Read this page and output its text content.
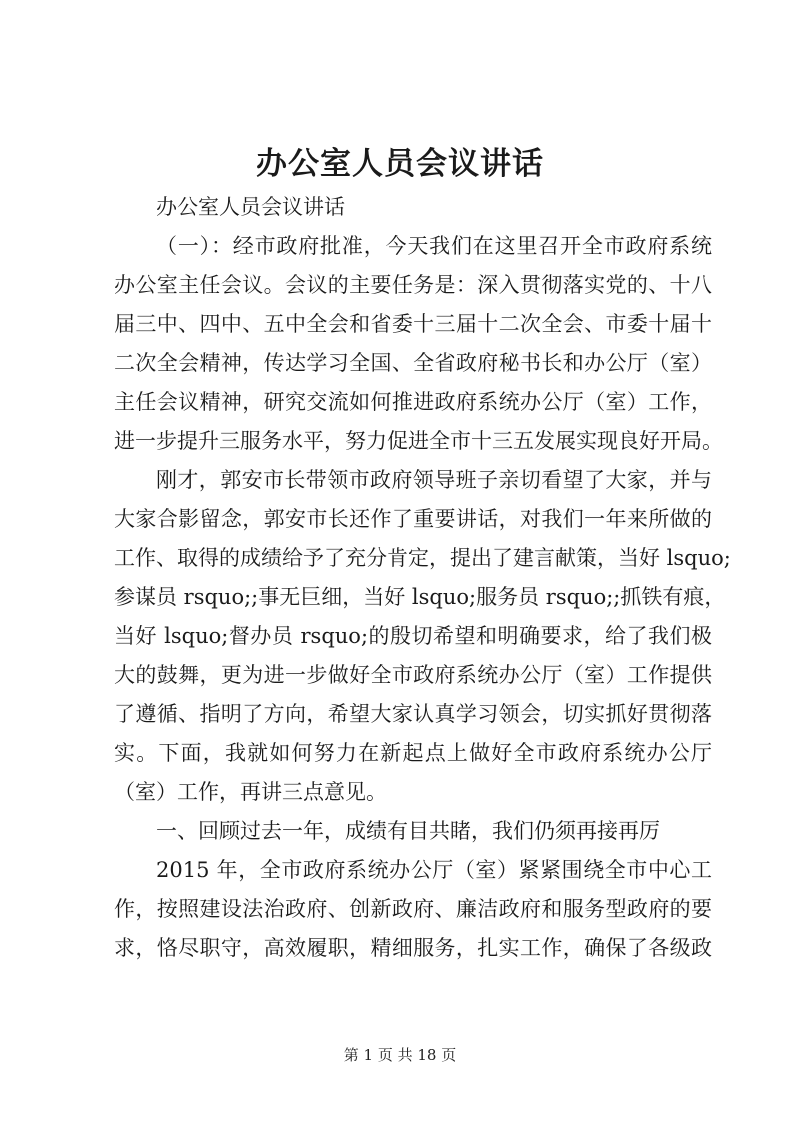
办公室人员会议讲话
办公室人员会议讲话
（一）：经市政府批准，今天我们在这里召开全市政府系统
办公室主任会议。会议的主要任务是：深入贯彻落实党的、十八
届三中、四中、五中全会和省委十三届十二次全会、市委十届十
二次全会精神，传达学习全国、全省政府秘书长和办公厅（室）
主任会议精神，研究交流如何推进政府系统办公厅（室）工作，
进一步提升三服务水平，努力促进全市十三五发展实现良好开局。
刚才，郭安市长带领市政府领导班子亲切看望了大家，并与
大家合影留念，郭安市长还作了重要讲话，对我们一年来所做的
工作、取得的成绩给予了充分肯定，提出了建言献策，当好 lsquo;
参谋员 rsquo;;事无巨细，当好 lsquo;服务员 rsquo;;抓铁有痕，
当好 lsquo;督办员 rsquo;的殷切希望和明确要求，给了我们极
大的鼓舞，更为进一步做好全市政府系统办公厅（室）工作提供
了遵循、指明了方向，希望大家认真学习领会，切实抓好贯彻落
实。下面，我就如何努力在新起点上做好全市政府系统办公厅
（室）工作，再讲三点意见。
一、回顾过去一年，成绩有目共睹，我们仍须再接再厉
2015 年，全市政府系统办公厅（室）紧紧围绕全市中心工
作，按照建设法治政府、创新政府、廉洁政府和服务型政府的要
求，恪尽职守，高效履职，精细服务，扎实工作，确保了各级政
第 1 页 共 18 页
